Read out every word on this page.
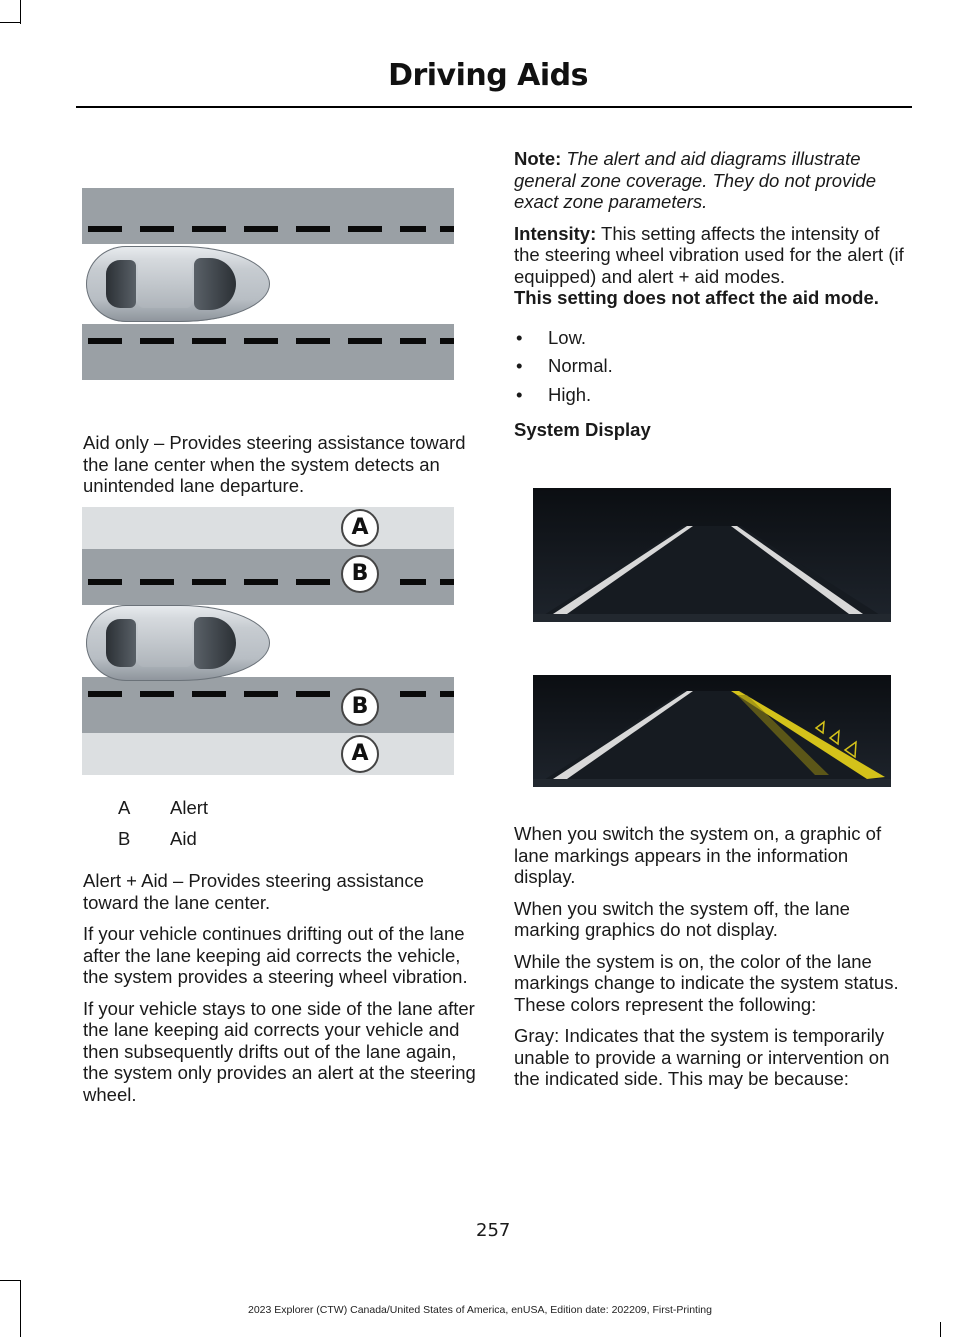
Driving Aids

Aid only – Provides steering assistance toward the lane center when the system detects an unintended lane departure.

A
B
B
A
A Alert
B Aid

Alert + Aid – Provides steering assistance toward the lane center.

If your vehicle continues drifting out of the lane after the lane keeping aid corrects the vehicle, the system provides a steering wheel vibration.

If your vehicle stays to one side of the lane after the lane keeping aid corrects your vehicle and then subsequently drifts out of the lane again, the system only provides an alert at the steering wheel.

Note: The alert and aid diagrams illustrate general zone coverage. They do not provide exact zone parameters.

Intensity: This setting affects the intensity of the steering wheel vibration used for the alert (if equipped) and alert + aid modes.

This setting does not affect the aid mode.

• Low.
• Normal.
• High.

System Display

When you switch the system on, a graphic of lane markings appears in the information display.

When you switch the system off, the lane marking graphics do not display.

While the system is on, the color of the lane markings change to indicate the system status. These colors represent the following:

Gray: Indicates that the system is temporarily unable to provide a warning or intervention on the indicated side. This may be because:

257
2023 Explorer (CTW) Canada/United States of America, enUSA, Edition date: 202209, First-Printing
